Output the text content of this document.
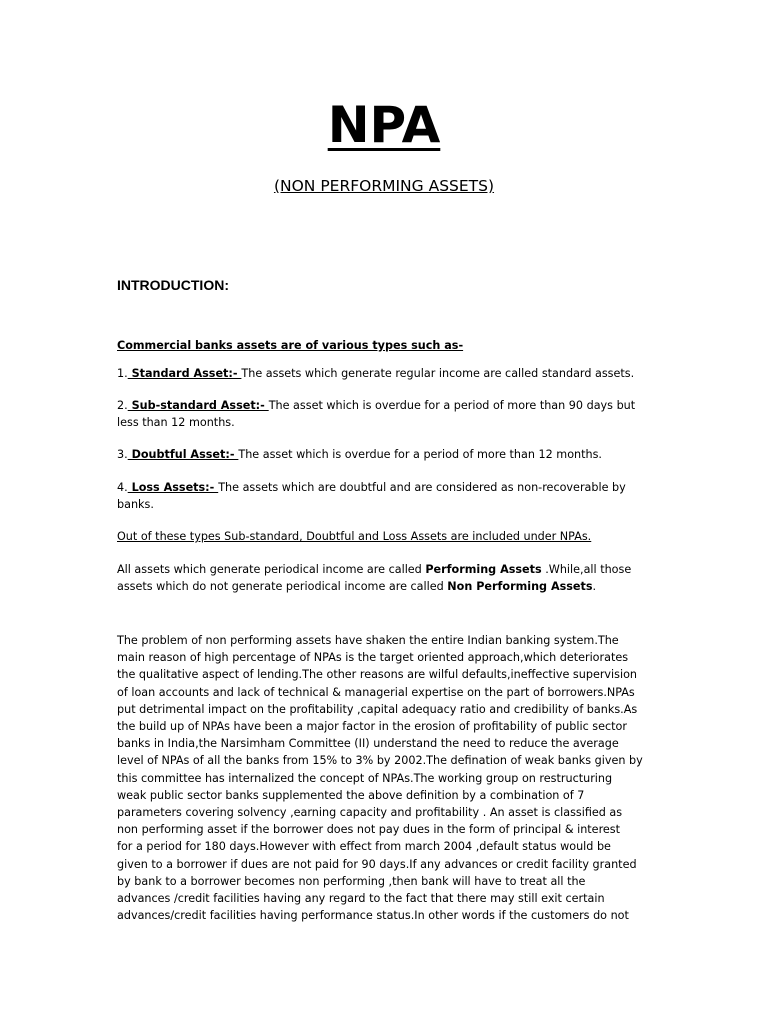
NPA
(NON PERFORMING ASSETS)
INTRODUCTION:
Commercial banks assets are of various types such as-
1. Standard Asset:- The assets which generate regular income are called standard assets.
2. Sub-standard Asset:- The asset which is overdue for a period of more than 90 days but less than 12 months.
3. Doubtful Asset:- The asset which is overdue for a period of more than 12 months.
4. Loss Assets:- The assets which are doubtful and are considered as non-recoverable by banks.
Out of these types Sub-standard, Doubtful and Loss Assets are included under NPAs.
All assets which generate periodical income are called Performing Assets .While,all those assets which do not generate periodical income are called Non Performing Assets.
The problem of non performing assets have shaken the entire Indian banking system.The
main reason of high percentage of NPAs is the target oriented approach,which deteriorates
the qualitative aspect of lending.The other reasons are wilful defaults,ineffective supervision
of loan accounts and lack of technical & managerial expertise on the part of borrowers.NPAs
put detrimental impact on the profitability ,capital adequacy ratio and credibility of banks.As
the build up of NPAs have been a major factor in the erosion of profitability of public sector
banks in India,the Narsimham Committee (II) understand the need to reduce the average
level of NPAs of all the banks from 15% to 3% by 2002.The defination of weak banks given by
this committee has internalized the concept of NPAs.The working group on restructuring
weak public sector banks supplemented the above definition by a combination of 7
parameters covering solvency ,earning capacity and profitability . An asset is classified as
non performing asset if the borrower does not pay dues in the form of principal & interest
for a period for 180 days.However with effect from march 2004 ,default status would be
given to a borrower if dues are not paid for 90 days.If any advances or credit facility granted
by bank to a borrower becomes non performing ,then bank will have to treat all the
advances /credit facilities having any regard to the fact that there may still exit certain
advances/credit facilities having performance status.In other words if the customers do not
